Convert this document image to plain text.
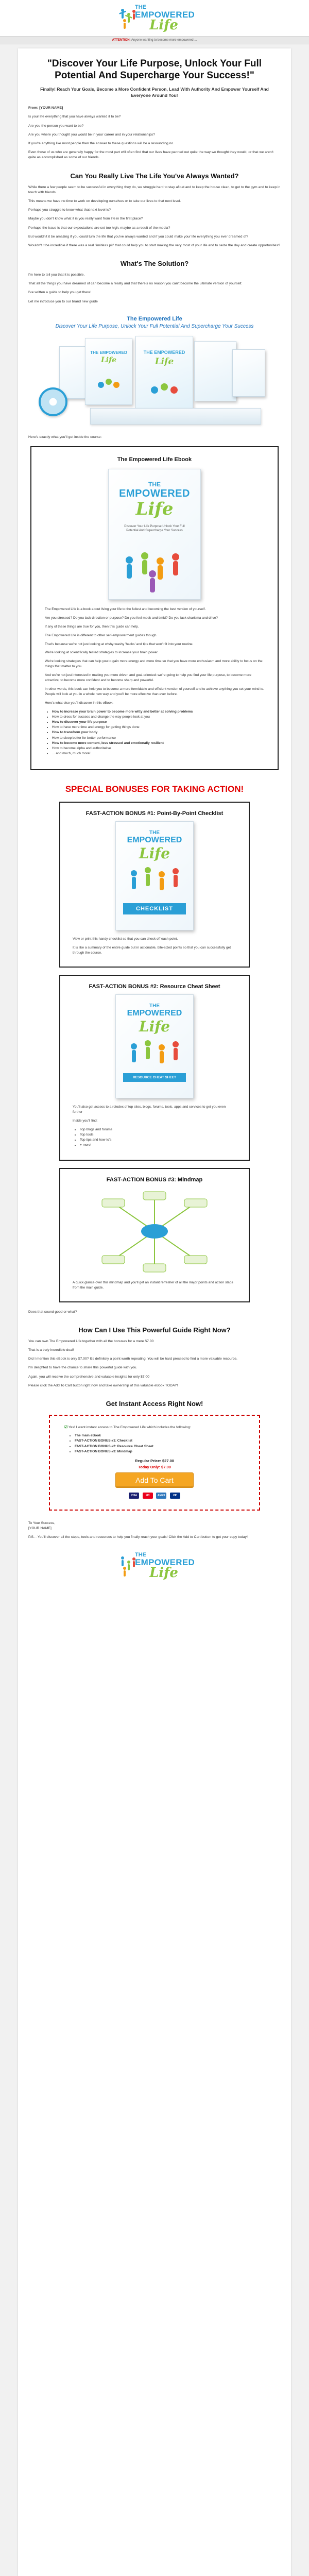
THE
EMPOWERED
Life
ATTENTION: Anyone wanting to become more empowered ...
"Discover Your Life Purpose, Unlock Your Full Potential And Supercharge Your Success!"
Finally! Reach Your Goals, Become a More Confident Person, Lead With Authority And Empower Yourself And Everyone Around You!

From: [YOUR NAME]

Is your life everything that you have always wanted it to be?

Are you the person you want to be?

Are you where you thought you would be in your career and in your relationships?

If you're anything like most people then the answer to these questions will be a resounding no.

Even those of us who are generally happy for the most part will often find that our lives have panned out quite the way we thought they would, or that we aren't quite as accomplished as some of our friends.

Can You Really Live The Life You've Always Wanted?

While there a few people seem to be successful in everything they do, we struggle hard to stay afloat and to keep the house clean, to get to the gym and to keep in touch with friends.

This means we have no time to work on developing ourselves or to take our lives to that next level.

Perhaps you struggle to know what that next level is?

Maybe you don't know what it is you really want from life in the first place?

Perhaps the issue is that our expectations are set too high, maybe as a result of the media?

But wouldn't it be amazing if you could turn the life that you've always wanted and if you could make your life everything you ever dreamed of?

Wouldn't it be incredible if there was a real 'limitless pill' that could help you to start making the very most of your life and to seize the day and create opportunities?

What's The Solution?

I'm here to tell you that it is possible.

That all the things you have dreamed of can become a reality and that there's no reason you can't become the ultimate version of yourself.

I've written a guide to help you get there!

Let me introduce you to our brand new guide

The Empowered Life
Discover Your Life Purpose, Unlock Your Full Potential And Supercharge Your Success
THE EMPOWERED
Life
THE EMPOWERED
Life

Here's exactly what you'll get inside the course:

The Empowered Life Ebook
THE
EMPOWERED
Life
Discover Your Life Purpose Unlock Your Full Potential And Supercharge Your Success

The Empowered Life is a book about living your life to the fullest and becoming the best version of yourself.

Are you stressed? Do you lack direction or purpose? Do you feel meek and timid? Do you lack charisma and drive?

If any of these things are true for you, then this guide can help.

The Empowered Life is different to other self-empowerment guides though.

That's because we're not just looking at wishy-washy 'hacks' and tips that won't fit into your routine.

We're looking at scientifically tested strategies to increase your brain power.

We're looking strategies that can help you to gain more energy and more time so that you have more enthusiasm and more ability to focus on the things that matter to you.

And we're not just interested in making you more driven and goal-oriented: we're going to help you find your life purpose, to become more attractive, to become more confident and to become sharp and powerful.

In other words, this book can help you to become a more formidable and efficient version of yourself and to achieve anything you set your mind to. People will look at you in a whole new way and you'll be more effective than ever before.

Here's what else you'll discover in this eBook:

• How to increase your brain power to become more witty and better at solving problems
• How to dress for success and change the way people look at you
• How to discover your life purpose
• How to have more time and energy for getting things done
• How to transform your body
• How to sleep better for better performance
• How to become more content, less stressed and emotionally resilient
• How to become alpha and authoritative
• ... and much, much more!
SPECIAL BONUSES FOR TAKING ACTION!
FAST-ACTION BONUS #1: Point-By-Point Checklist
THE
EMPOWERED
Life
CHECKLIST

View or print this handy checklist so that you can check off each point.

It is like a summary of the entire guide but in actionable, bite-sized points so that you can successfully get through the course.

FAST-ACTION BONUS #2: Resource Cheat Sheet
THE
EMPOWERED
Life
RESOURCE CHEAT SHEET

You'll also get access to a rolodex of top sites, blogs, forums, tools, apps and services to get you even further

Inside you'll find:

• Top blogs and forums
• Top tools
• Top tips and how to's
• + more!
FAST-ACTION BONUS #3: Mindmap

A quick glance over this mindmap and you'll get an instant refresher of all the major points and action steps from the main guide.

Does that sound good or what?

How Can I Use This Powerful Guide Right Now?

You can own The Empowered Life together with all the bonuses for a mere $7.00

That is a truly incredible deal!

Did I mention this eBook is only $7.00? It's definitely a point worth repeating. You will be hard pressed to find a more valuable resource.

I'm delighted to have the chance to share this powerful guide with you.

Again, you will receive the comprehensive and valuable insights for only $7.00

Please click the Add To Cart button right now and take ownership of this valuable eBook TODAY!

Get Instant Access Right Now!
☑ Yes! I want instant access to The Empowered Life which includes the following:
• The main eBook
• FAST-ACTION BONUS #1: Checklist
• FAST-ACTION BONUS #2: Resource Cheat Sheet
• FAST-ACTION BONUS #3: Mindmap
Regular Price: $27.00
Today Only: $7.00
Add To Cart
VISA	MC	AMEX	PP
To Your Success,
[YOUR NAME]
P.S. - You'll discover all the steps, tools and resources to help you finally reach your goals! Click the Add to Cart button to get your copy today!
THE
EMPOWERED
Life
